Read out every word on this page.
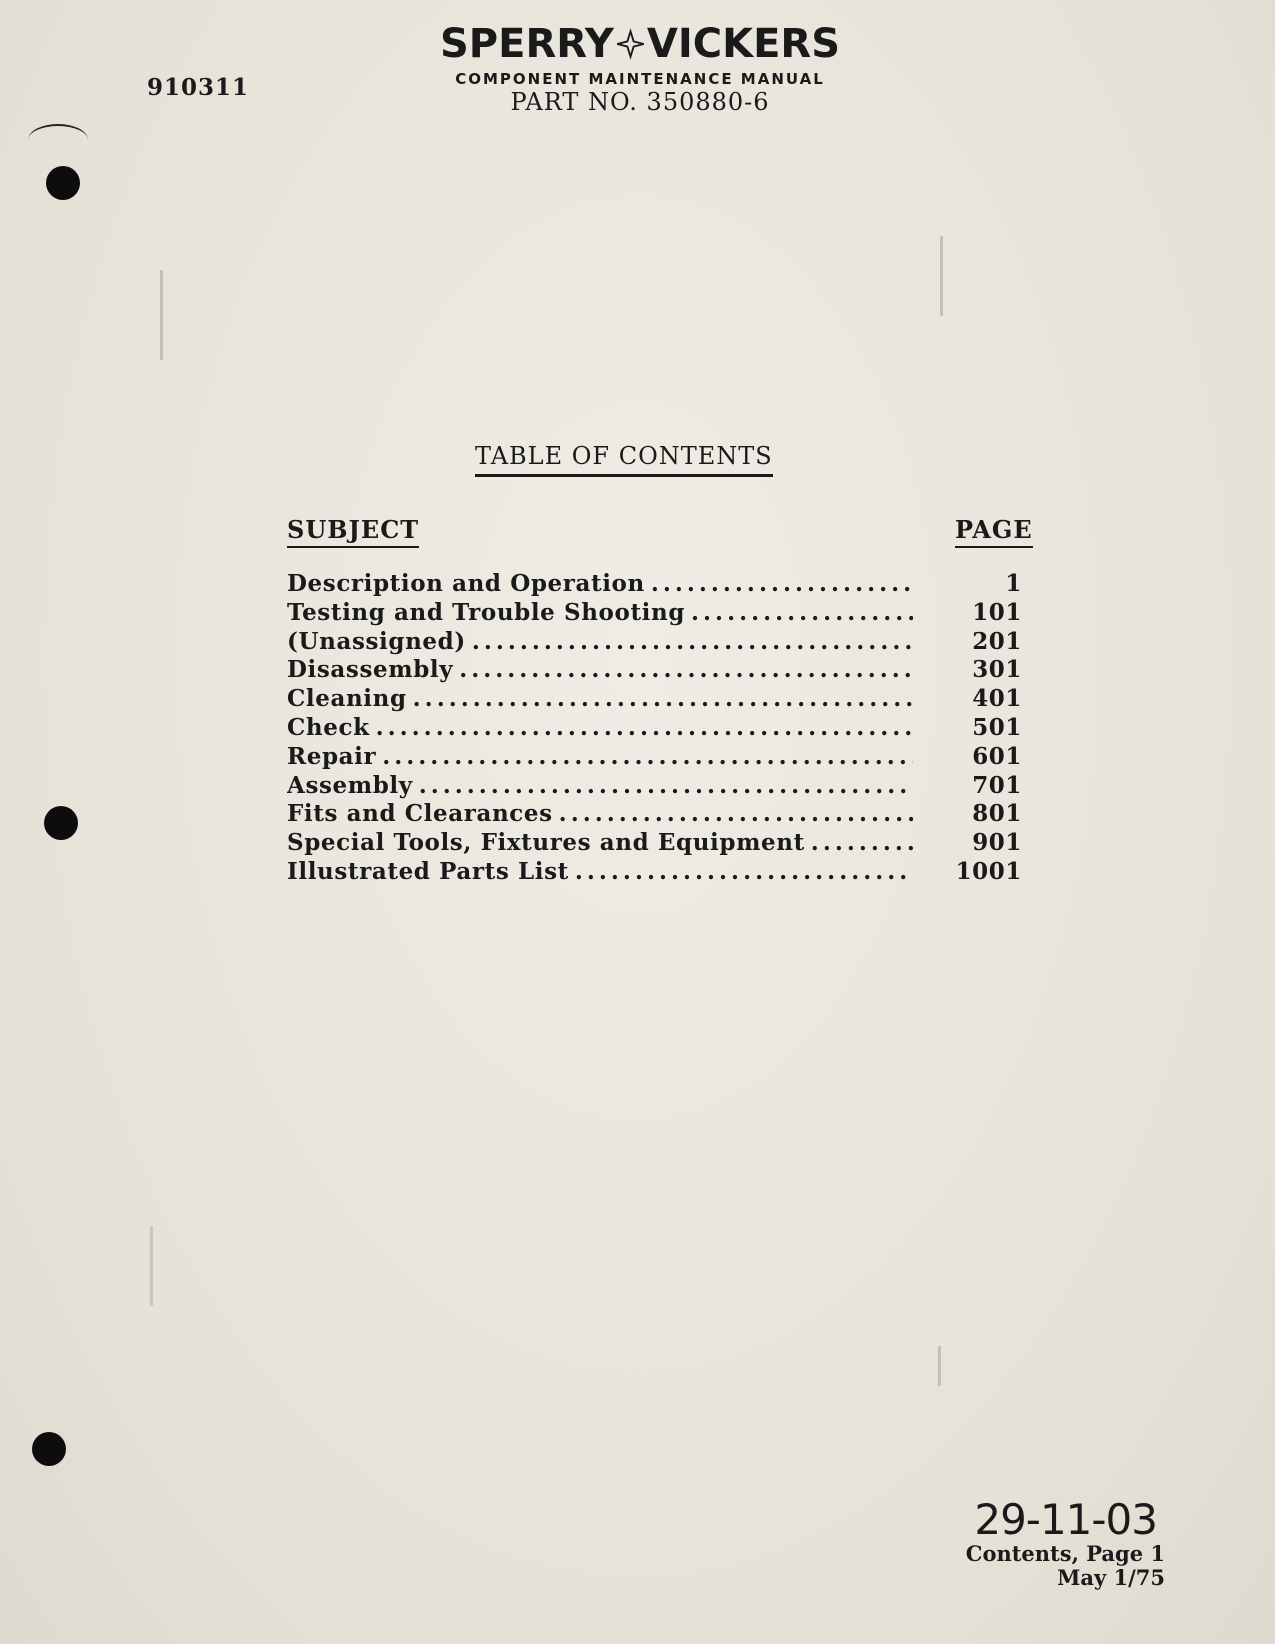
910311
SPERRY VICKERS
COMPONENT MAINTENANCE MANUAL
PART NO. 350880-6
TABLE OF CONTENTS
SUBJECT	PAGE
Description and Operation . . .	1
Testing and Trouble Shooting . . .	101
(Unassigned) . . .	201
Disassembly . . .	301
Cleaning . . .	401
Check . . .	501
Repair . . .	601
Assembly . . .	701
Fits and Clearances . . .	801
Special Tools, Fixtures and Equipment . . .	901
Illustrated Parts List . . .	1001
29-11-03
Contents, Page 1
May 1/75
